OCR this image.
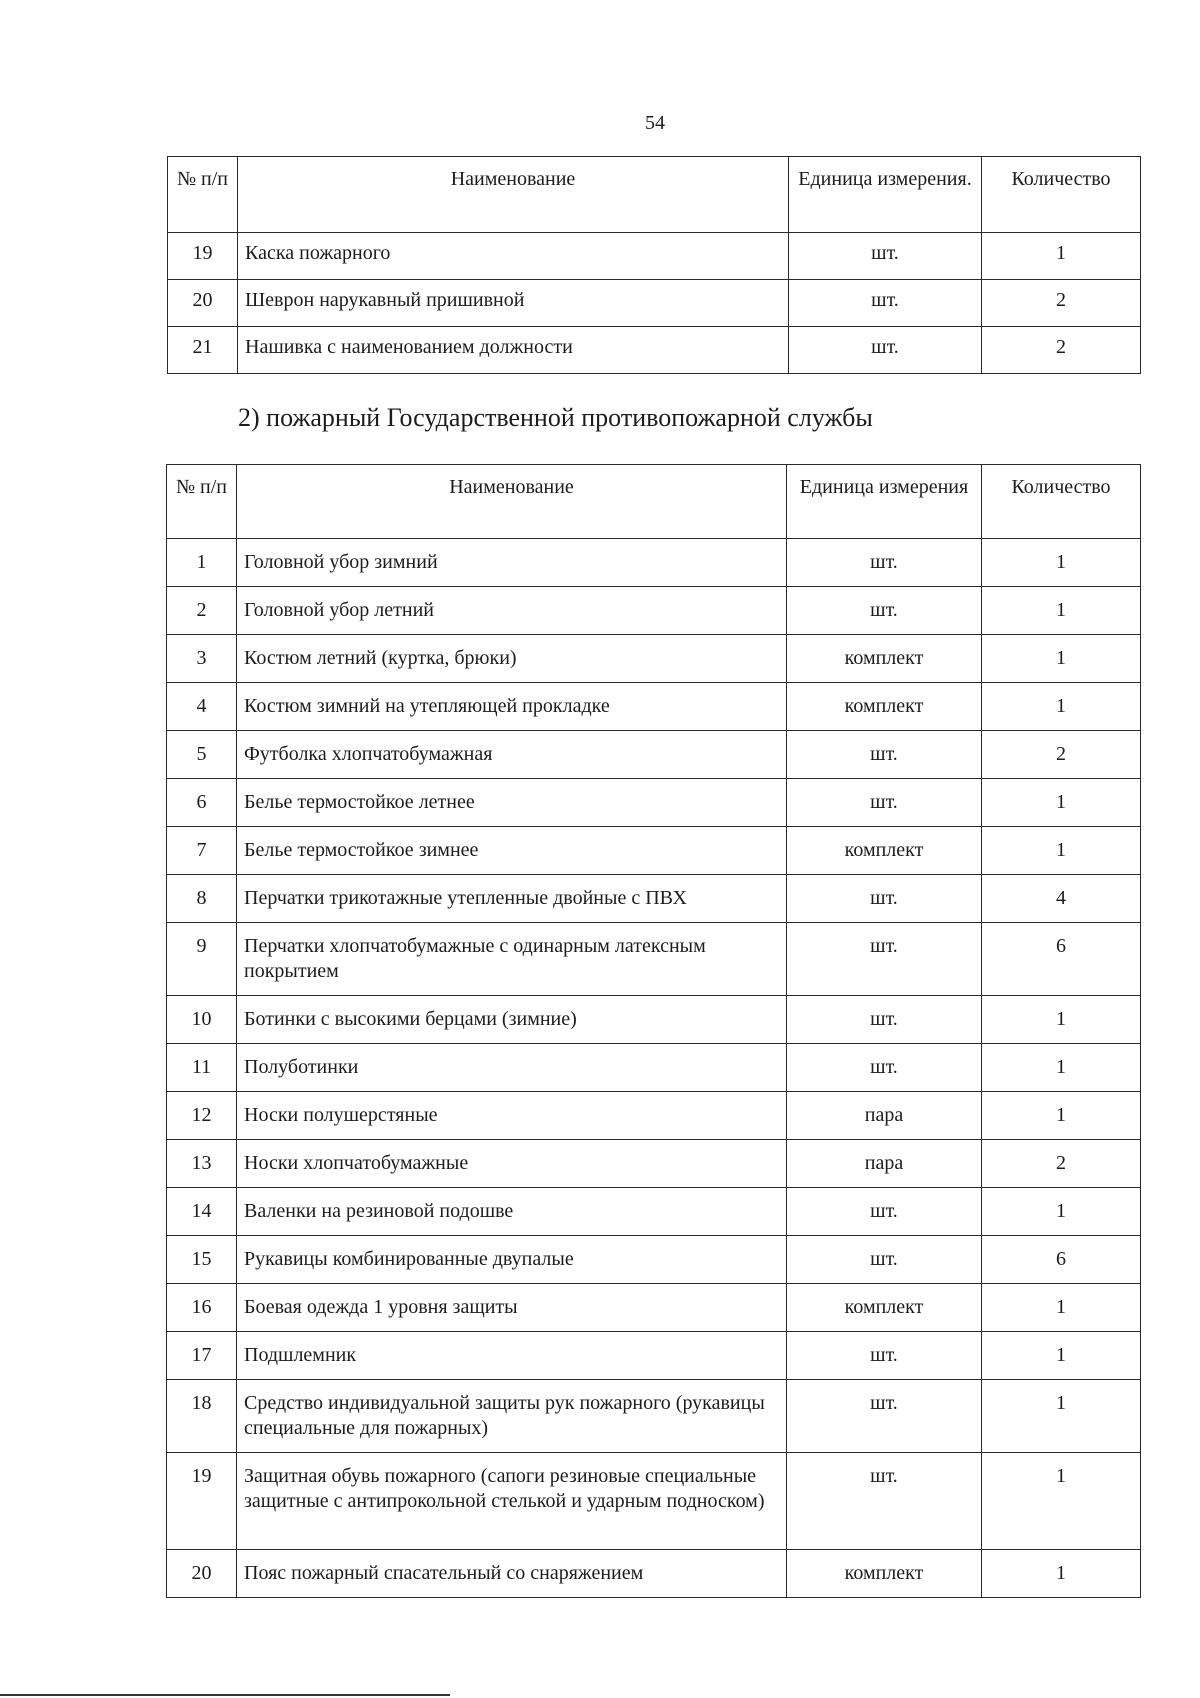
54
№ п/п	Наименование	Единица измерения.	Количество
19	Каска пожарного	шт.	1
20	Шеврон нарукавный пришивной	шт.	2
21	Нашивка с наименованием должности	шт.	2
2) пожарный Государственной противопожарной службы
№ п/п	Наименование	Единица измерения	Количество
1	Головной убор зимний	шт.	1
2	Головной убор летний	шт.	1
3	Костюм летний (куртка, брюки)	комплект	1
4	Костюм зимний на утепляющей прокладке	комплект	1
5	Футболка хлопчатобумажная	шт.	2
6	Белье термостойкое летнее	шт.	1
7	Белье термостойкое зимнее	комплект	1
8	Перчатки трикотажные утепленные двойные с ПВХ	шт.	4
9	Перчатки хлопчатобумажные с одинарным латексным покрытием	шт.	6
10	Ботинки с высокими берцами (зимние)	шт.	1
11	Полуботинки	шт.	1
12	Носки полушерстяные	пара	1
13	Носки хлопчатобумажные	пара	2
14	Валенки на резиновой подошве	шт.	1
15	Рукавицы комбинированные двупалые	шт.	6
16	Боевая одежда 1 уровня защиты	комплект	1
17	Подшлемник	шт.	1
18	Средство индивидуальной защиты рук пожарного (рукавицы специальные для пожарных)	шт.	1
19	Защитная обувь пожарного (сапоги резиновые специальные защитные с антипрокольной стелькой и ударным подноском)	шт.	1
20	Пояс пожарный спасательный со снаряжением	комплект	1
